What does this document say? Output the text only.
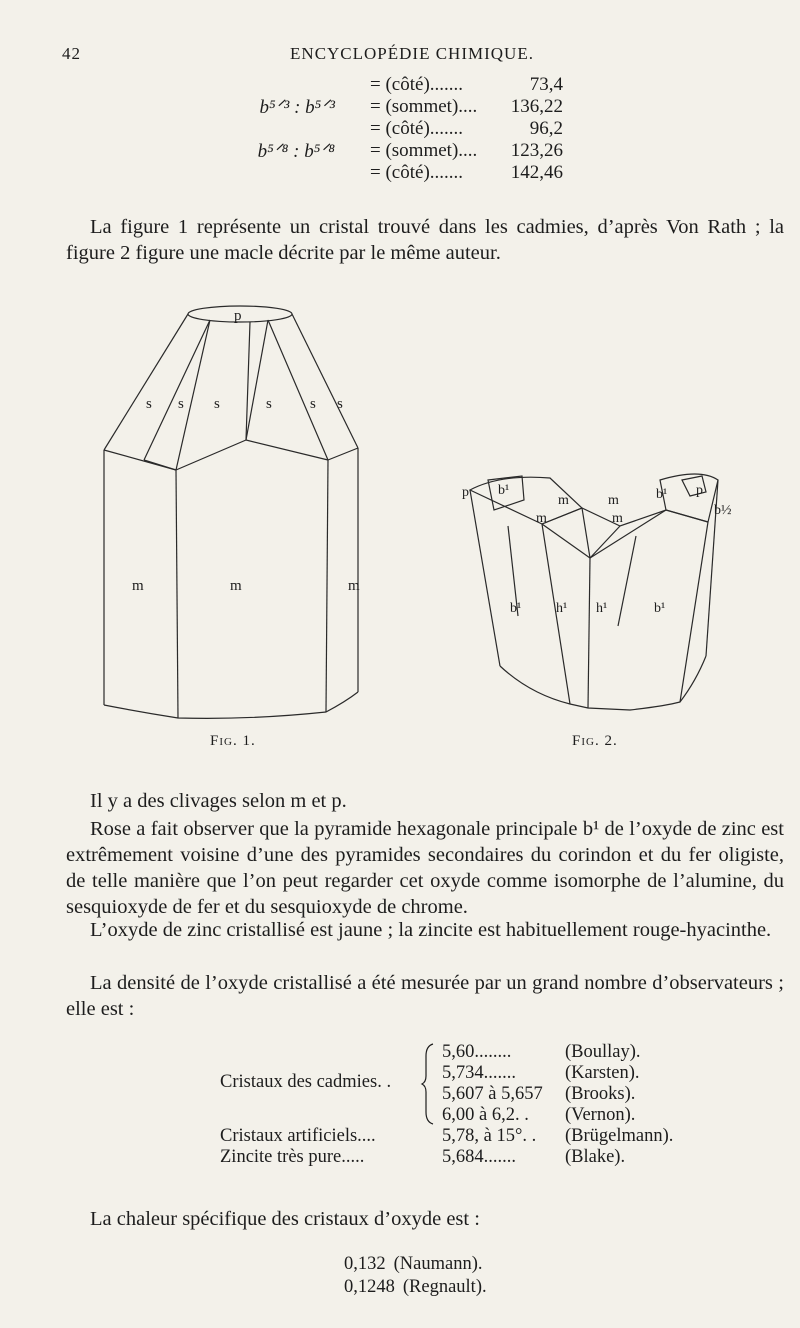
42	ENCYCLOPÉDIE CHIMIQUE.
= (côté).......	73,4
b⁵ᐟ³ : b⁵ᐟ³ = (sommet)....	136,22
= (côté).......	96,2
b⁵ᐟ⁸ : b⁵ᐟ⁸ = (sommet)....	123,26
= (côté).......	142,46

La figure 1 représente un cristal trouvé dans les cadmies, d’après Von Rath ; la figure 2 figure une macle décrite par le même auteur.

p
s s s	s	s s
m	m	m
p b¹
m
m
m
m
b¹ p
b½
b¹ h¹ h¹	b¹
Fig. 1.	Fig. 2.

Il y a des clivages selon m et p.

Rose a fait observer que la pyramide hexagonale principale b¹ de l’oxyde de zinc est extrêmement voisine d’une des pyramides secondaires du corindon et du fer oligiste, de telle manière que l’on peut regarder cet oxyde comme isomorphe de l’alumine, du sesquioxyde de fer et du sesquioxyde de chrome.

L’oxyde de zinc cristallisé est jaune ; la zincite est habituellement rouge-hyacinthe.

La densité de l’oxyde cristallisé a été mesurée par un grand nombre d’observateurs ; elle est :

Cristaux des cadmies. .
5,60........	(Boullay).
5,734.......	(Karsten).
5,607 à 5,657 (Brooks).
6,00 à 6,2. . (Vernon).
Cristaux artificiels....	5,78, à 15°. . (Brügelmann).
Zincite très pure.....	5,684.......	(Blake).

La chaleur spécifique des cristaux d’oxyde est :

0,132 (Naumann).
0,1248 (Regnault).
